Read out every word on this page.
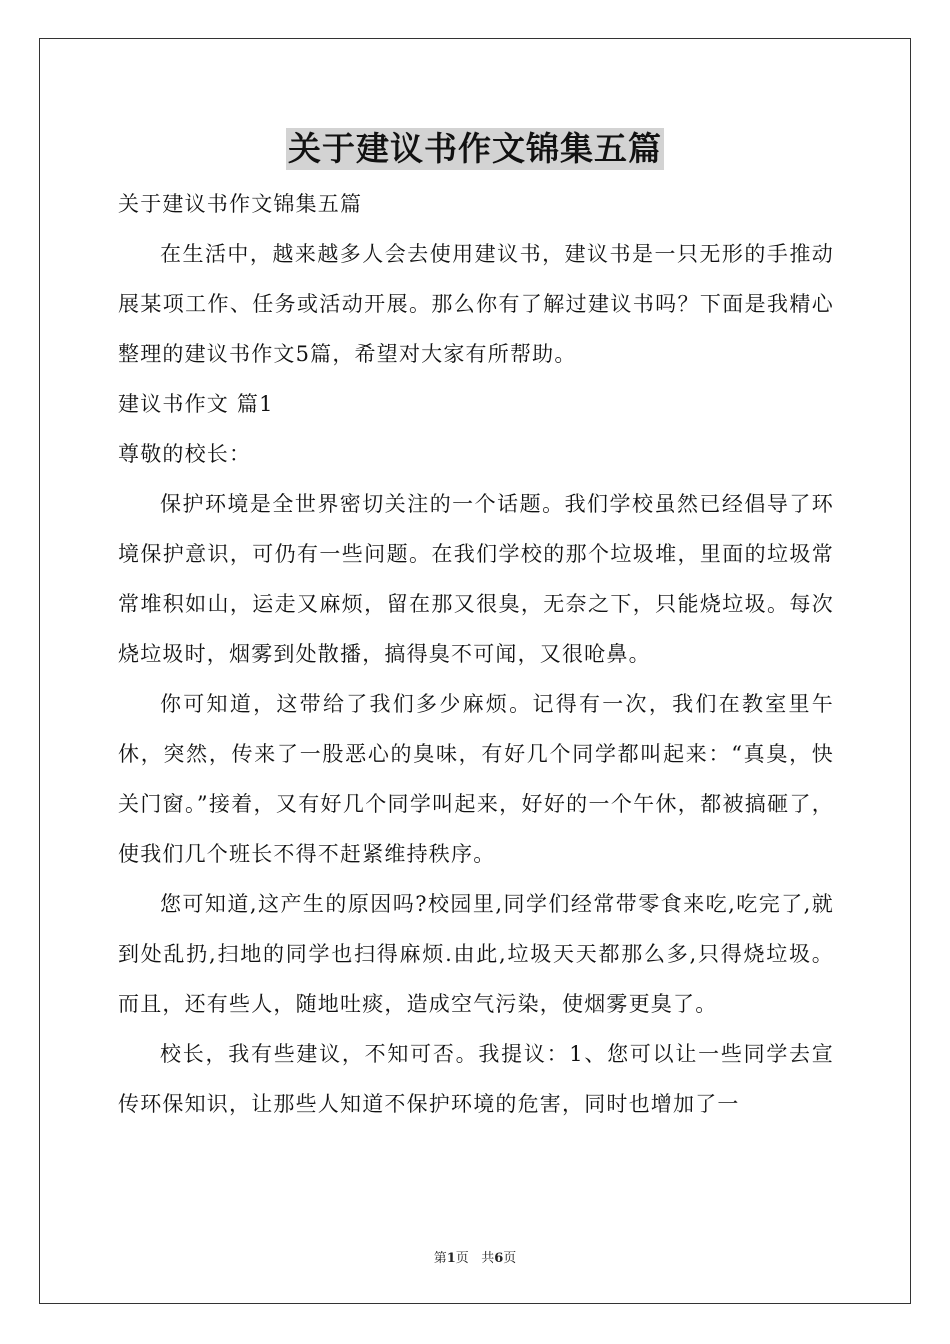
关于建议书作文锦集五篇

关于建议书作文锦集五篇

在生活中，越来越多人会去使用建议书，建议书是一只无形的手推动展某项工作、任务或活动开展。那么你有了解过建议书吗？下面是我精心整理的建议书作文5篇，希望对大家有所帮助。

建议书作文 篇1

尊敬的校长：

保护环境是全世界密切关注的一个话题。我们学校虽然已经倡导了环境保护意识，可仍有一些问题。在我们学校的那个垃圾堆，里面的垃圾常常堆积如山，运走又麻烦，留在那又很臭，无奈之下，只能烧垃圾。每次烧垃圾时，烟雾到处散播，搞得臭不可闻，又很呛鼻。

你可知道，这带给了我们多少麻烦。记得有一次，我们在教室里午休，突然，传来了一股恶心的臭味，有好几个同学都叫起来：“真臭，快关门窗。”接着，又有好几个同学叫起来，好好的一个午休，都被搞砸了，使我们几个班长不得不赶紧维持秩序。

您可知道,这产生的原因吗?校园里,同学们经常带零食来吃,吃完了,就到处乱扔,扫地的同学也扫得麻烦.由此,垃圾天天都那么多,只得烧垃圾。而且，还有些人，随地吐痰，造成空气污染，使烟雾更臭了。

校长，我有些建议，不知可否。我提议：1、您可以让一些同学去宣传环保知识，让那些人知道不保护环境的危害，同时也增加了一

第1页 共6页
